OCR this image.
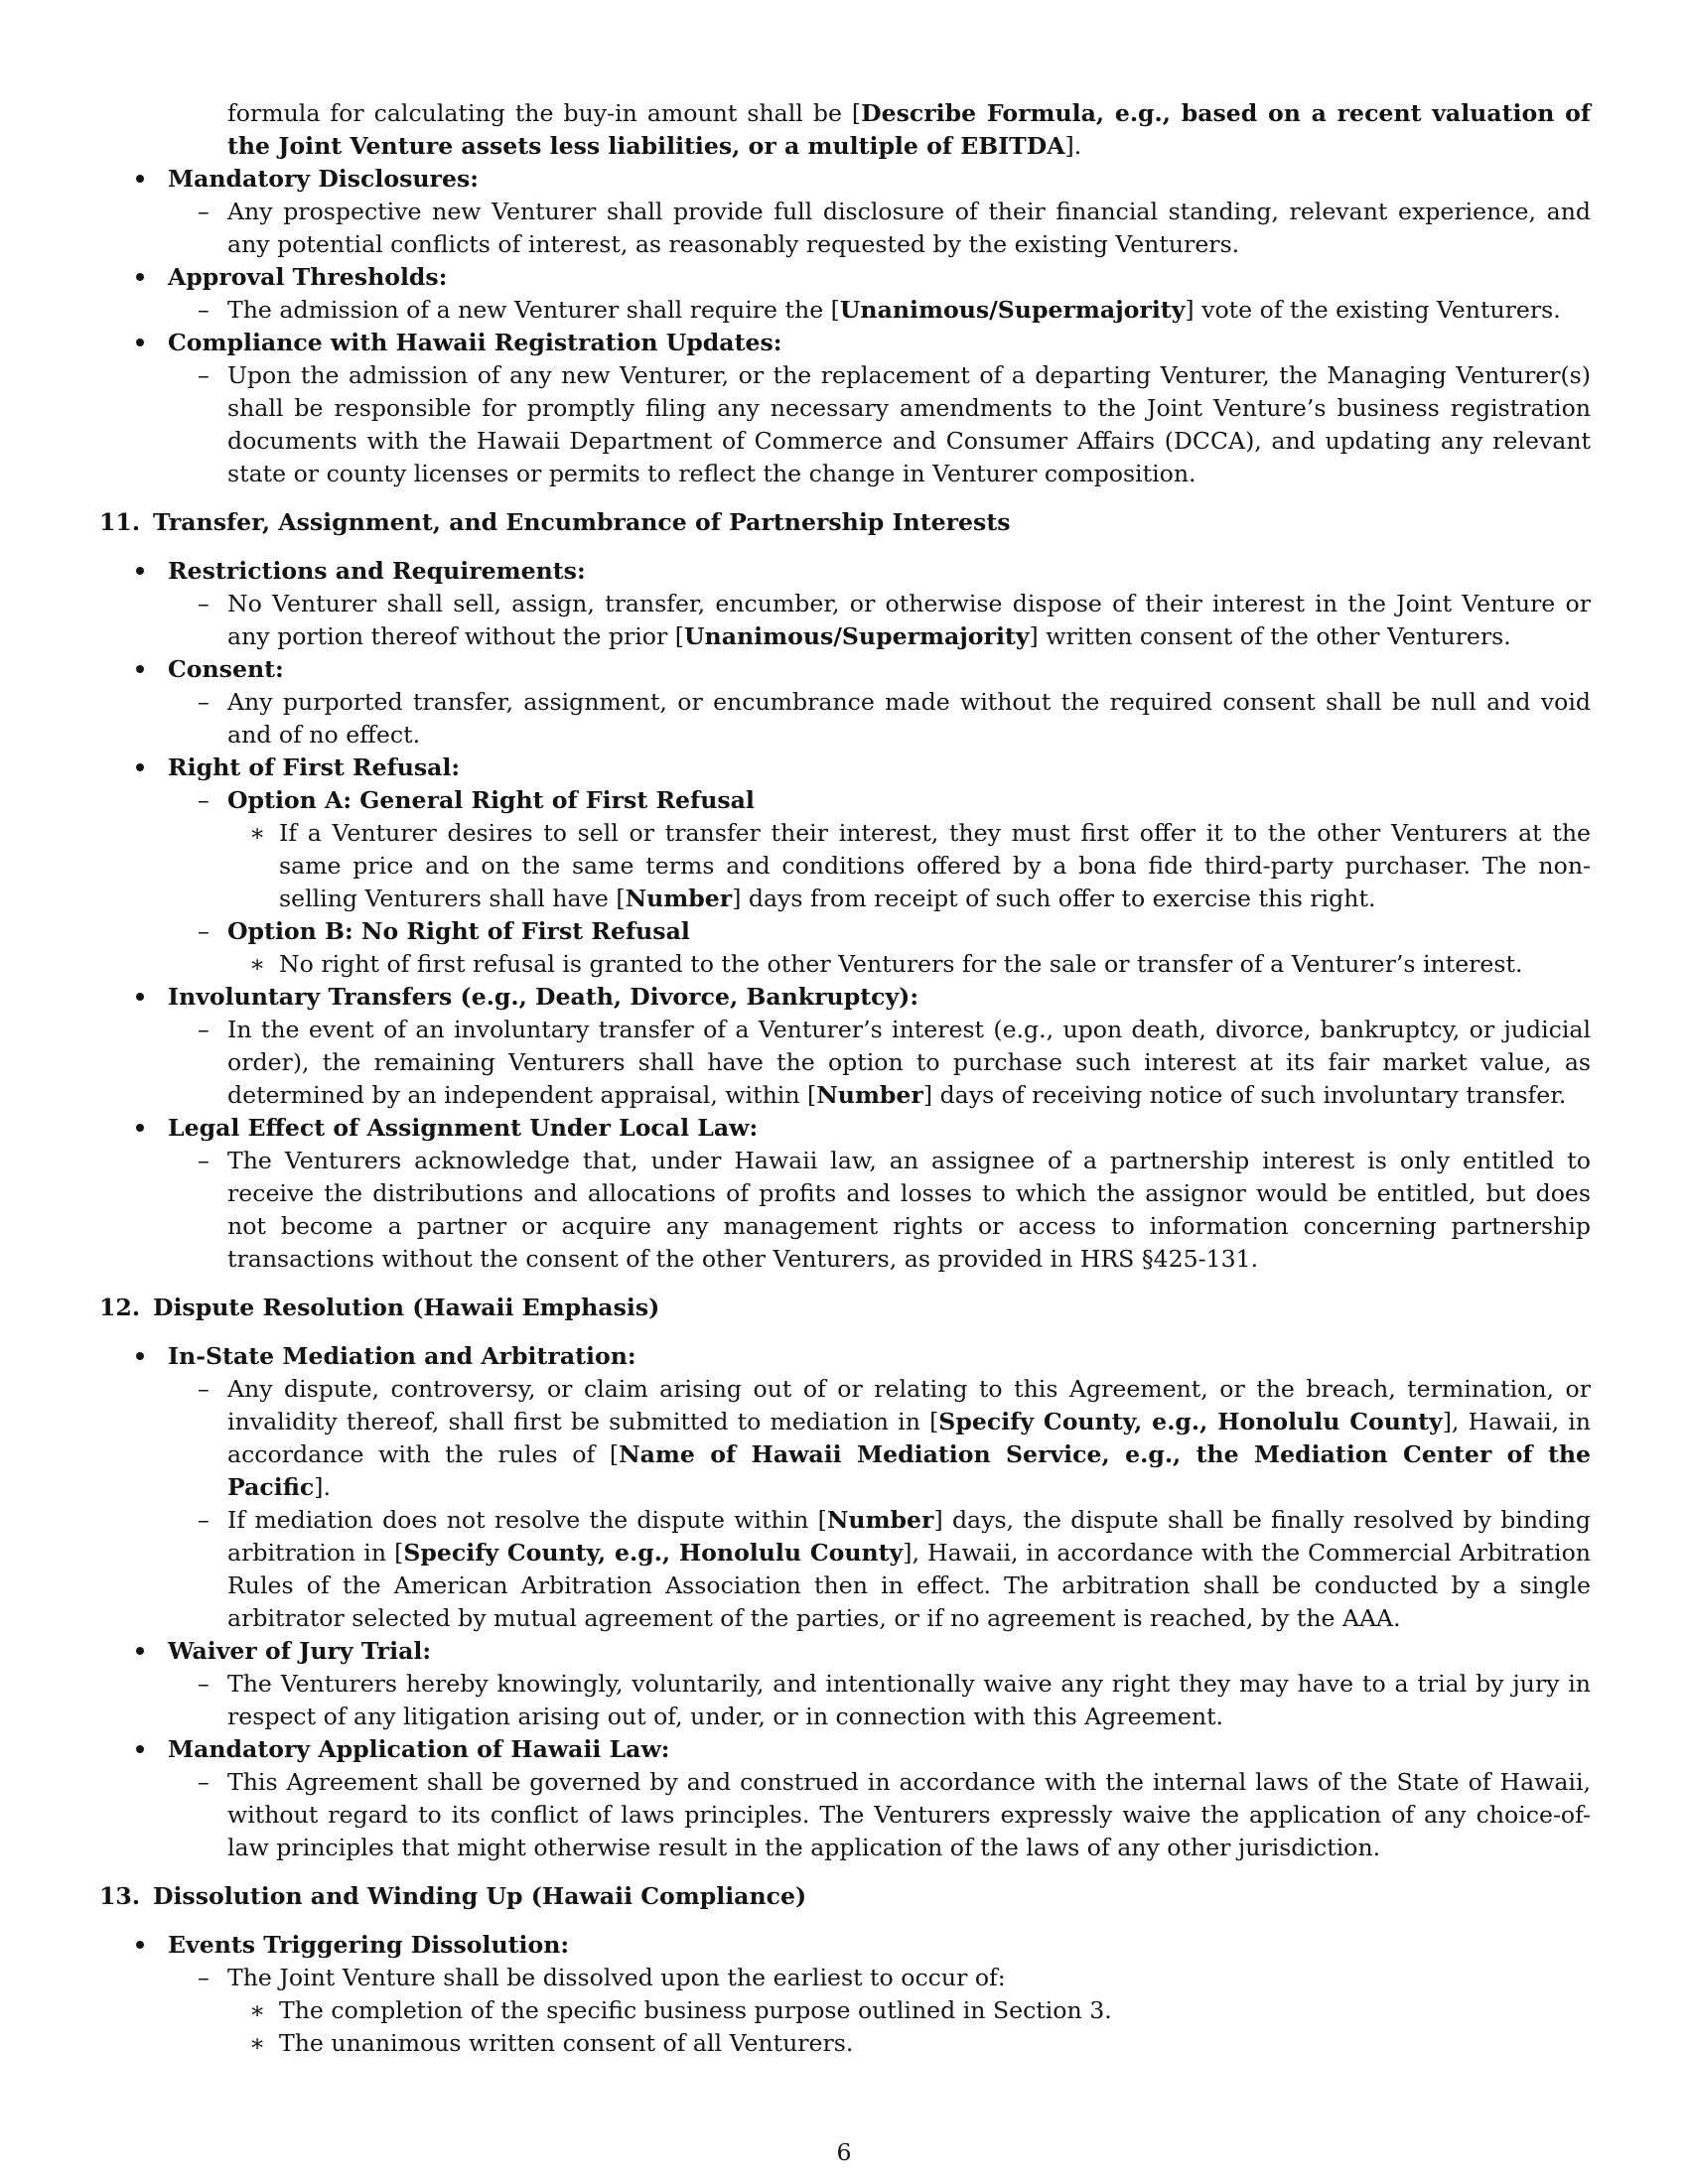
formula for calculating the buy-in amount shall be [Describe Formula, e.g., based on a recent valuation of the Joint Venture assets less liabilities, or a multiple of EBITDA].
Mandatory Disclosures:
– Any prospective new Venturer shall provide full disclosure of their financial standing, relevant experience, and any potential conflicts of interest, as reasonably requested by the existing Venturers.
Approval Thresholds:
– The admission of a new Venturer shall require the [Unanimous/Supermajority] vote of the existing Venturers.
Compliance with Hawaii Registration Updates:
– Upon the admission of any new Venturer, or the replacement of a departing Venturer, the Managing Venturer(s) shall be responsible for promptly filing any necessary amendments to the Joint Venture’s business registration documents with the Hawaii Department of Commerce and Consumer Affairs (DCCA), and updating any relevant state or county licenses or permits to reflect the change in Venturer composition.
11. Transfer, Assignment, and Encumbrance of Partnership Interests
Restrictions and Requirements:
– No Venturer shall sell, assign, transfer, encumber, or otherwise dispose of their interest in the Joint Venture or any portion thereof without the prior [Unanimous/Supermajority] written consent of the other Venturers.
Consent:
– Any purported transfer, assignment, or encumbrance made without the required consent shall be null and void and of no effect.
Right of First Refusal:
– Option A: General Right of First Refusal
∗ If a Venturer desires to sell or transfer their interest, they must first offer it to the other Venturers at the same price and on the same terms and conditions offered by a bona fide third-party purchaser. The non-selling Venturers shall have [Number] days from receipt of such offer to exercise this right.
– Option B: No Right of First Refusal
∗ No right of first refusal is granted to the other Venturers for the sale or transfer of a Venturer’s interest.
Involuntary Transfers (e.g., Death, Divorce, Bankruptcy):
– In the event of an involuntary transfer of a Venturer’s interest (e.g., upon death, divorce, bankruptcy, or judicial order), the remaining Venturers shall have the option to purchase such interest at its fair market value, as determined by an independent appraisal, within [Number] days of receiving notice of such involuntary transfer.
Legal Effect of Assignment Under Local Law:
– The Venturers acknowledge that, under Hawaii law, an assignee of a partnership interest is only entitled to receive the distributions and allocations of profits and losses to which the assignor would be entitled, but does not become a partner or acquire any management rights or access to information concerning partnership transactions without the consent of the other Venturers, as provided in HRS §425-131.
12. Dispute Resolution (Hawaii Emphasis)
In-State Mediation and Arbitration:
– Any dispute, controversy, or claim arising out of or relating to this Agreement, or the breach, termination, or invalidity thereof, shall first be submitted to mediation in [Specify County, e.g., Honolulu County], Hawaii, in accordance with the rules of [Name of Hawaii Mediation Service, e.g., the Mediation Center of the Pacific].
– If mediation does not resolve the dispute within [Number] days, the dispute shall be finally resolved by binding arbitration in [Specify County, e.g., Honolulu County], Hawaii, in accordance with the Commercial Arbitration Rules of the American Arbitration Association then in effect. The arbitration shall be conducted by a single arbitrator selected by mutual agreement of the parties, or if no agreement is reached, by the AAA.
Waiver of Jury Trial:
– The Venturers hereby knowingly, voluntarily, and intentionally waive any right they may have to a trial by jury in respect of any litigation arising out of, under, or in connection with this Agreement.
Mandatory Application of Hawaii Law:
– This Agreement shall be governed by and construed in accordance with the internal laws of the State of Hawaii, without regard to its conflict of laws principles. The Venturers expressly waive the application of any choice-of-law principles that might otherwise result in the application of the laws of any other jurisdiction.
13. Dissolution and Winding Up (Hawaii Compliance)
Events Triggering Dissolution:
– The Joint Venture shall be dissolved upon the earliest to occur of:
∗ The completion of the specific business purpose outlined in Section 3.
∗ The unanimous written consent of all Venturers.
6
